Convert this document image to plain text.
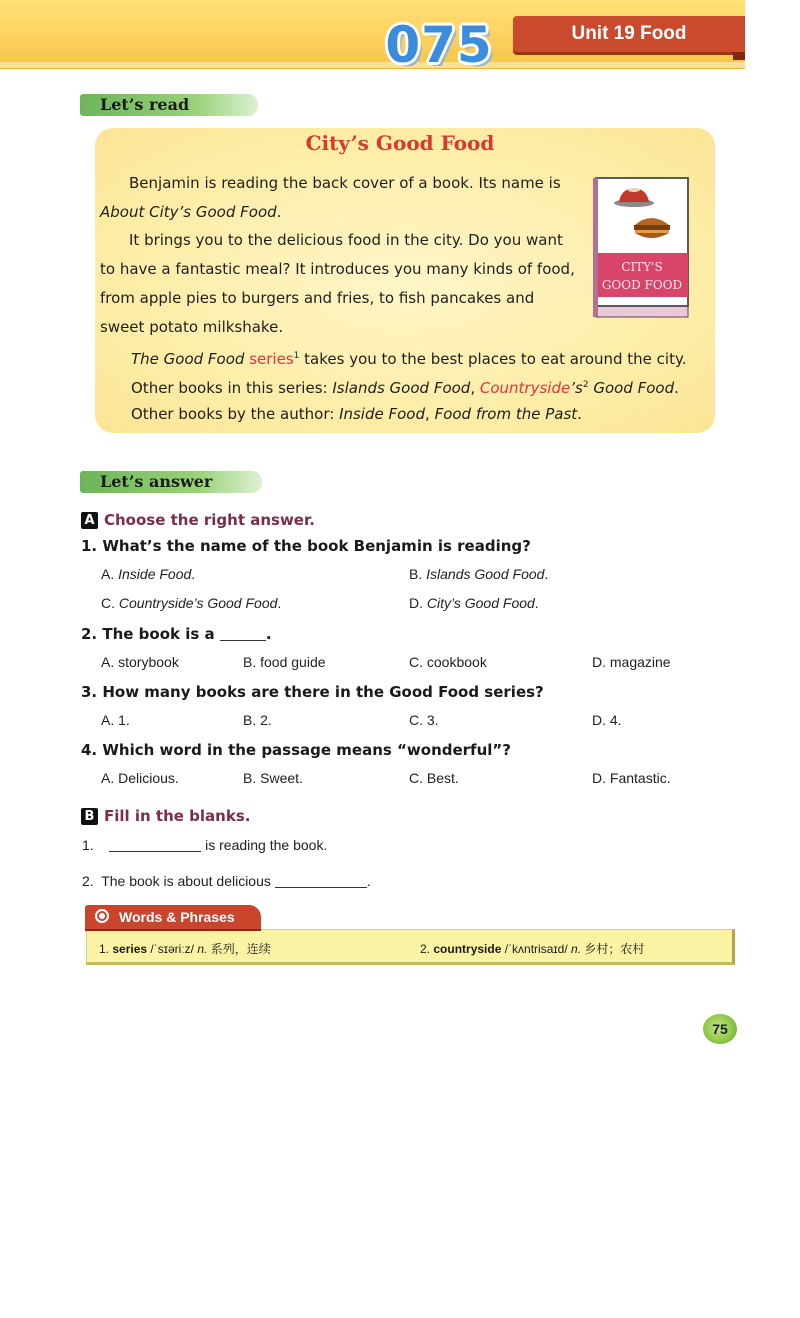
075	Unit 19 Food
Let’s read
City’s Good Food
Benjamin is reading the back cover of a book. Its name is
About City’s Good Food.
It brings you to the delicious food in the city. Do you want
to have a fantastic meal? It introduces you many kinds of food,
from apple pies to burgers and fries, to fish pancakes and
sweet potato milkshake.
The Good Food series$^1$ takes you to the best places to eat around the city.
Other books in this series: Islands Good Food, $Countryside’s^2$ Good Food.
Other books by the author: Inside Food, Food from the Past.
CITY'S
GOOD FOOD
Let’s answer
A Choose the right answer.
1. What’s the name of the book Benjamin is reading?
A. Inside Food.	B. Islands Good Food.
C. Countryside’s Good Food.	D. City’s Good Food.
2. The book is a	.
A. storybook	B. food guide	C. cookbook	D. magazine
3. How many books are there in the Good Food series?
A. 1.	B. 2.	C. 3.	D. 4.
4. Which word in the passage means “wonderful”?
A. Delicious.	B. Sweet.	C. Best.	D. Fantastic.
B Fill in the blanks.
1.	is reading the book.
2. The book is about delicious	.
Words & Phrases
1. series /ˈsɪəriːz/ n. 系列，连续	2. countryside /ˈkʌntrisaɪd/ n. 乡村；农村
75
